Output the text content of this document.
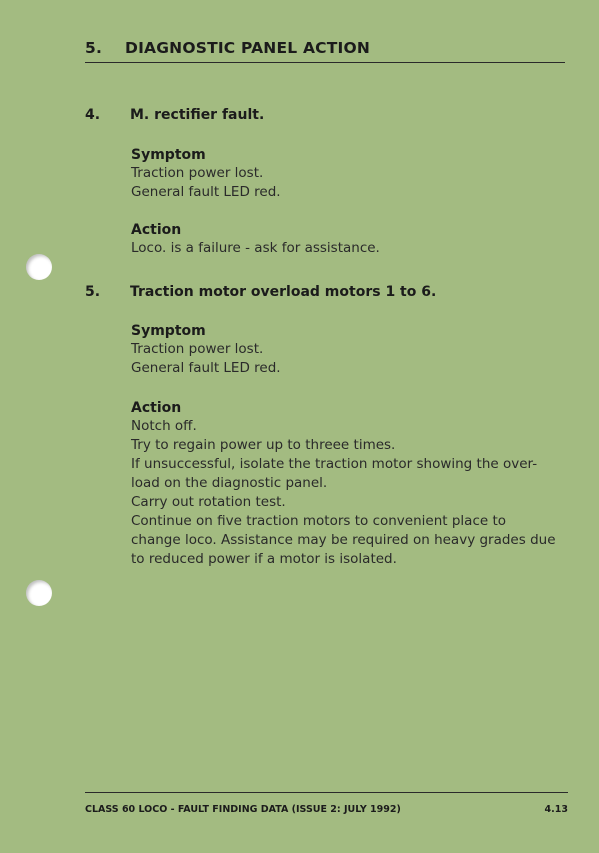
5. DIAGNOSTIC PANEL ACTION
4. M. rectifier fault.
Symptom
Traction power lost.
General fault LED red.
Action
Loco. is a failure - ask for assistance.
5. Traction motor overload motors 1 to 6.
Symptom
Traction power lost.
General fault LED red.
Action
Notch off.
Try to regain power up to threee times.
If unsuccessful, isolate the traction motor showing the over-
load on the diagnostic panel.
Carry out rotation test.
Continue on five traction motors to convenient place to
change loco. Assistance may be required on heavy grades due
to reduced power if a motor is isolated.
CLASS 60 LOCO - FAULT FINDING DATA (ISSUE 2: JULY 1992)	4.13
